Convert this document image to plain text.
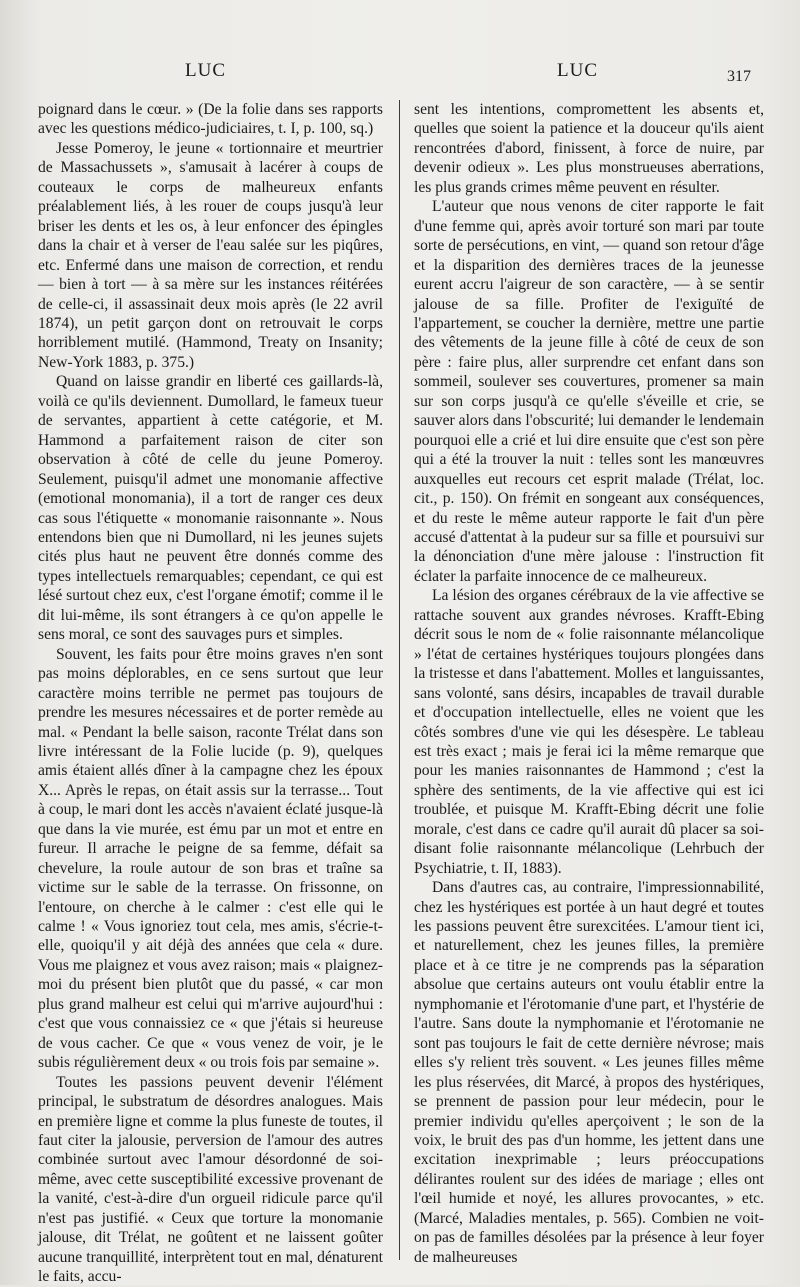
LUC	LUC	317

poignard dans le cœur. » (De la folie dans ses rapports avec les questions médico-judiciaires, t. I, p. 100, sq.)

Jesse Pomeroy, le jeune « tortionnaire et meurtrier de Massachussets », s'amusait à lacérer à coups de couteaux le corps de malheureux enfants préalablement liés, à les rouer de coups jusqu'à leur briser les dents et les os, à leur enfoncer des épingles dans la chair et à verser de l'eau salée sur les piqûres, etc. Enfermé dans une maison de correction, et rendu — bien à tort — à sa mère sur les instances réitérées de celle-ci, il assassinait deux mois après (le 22 avril 1874), un petit garçon dont on retrouvait le corps horriblement mutilé. (Hammond, Treaty on Insanity; New-York 1883, p. 375.)

Quand on laisse grandir en liberté ces gaillards-là, voilà ce qu'ils deviennent. Dumollard, le fameux tueur de servantes, appartient à cette catégorie, et M. Hammond a parfaitement raison de citer son observation à côté de celle du jeune Pomeroy. Seulement, puisqu'il admet une monomanie affective (emotional monomania), il a tort de ranger ces deux cas sous l'étiquette « monomanie raisonnante ». Nous entendons bien que ni Dumollard, ni les jeunes sujets cités plus haut ne peuvent être donnés comme des types intellectuels remarquables; cependant, ce qui est lésé surtout chez eux, c'est l'organe émotif; comme il le dit lui-même, ils sont étrangers à ce qu'on appelle le sens moral, ce sont des sauvages purs et simples.

Souvent, les faits pour être moins graves n'en sont pas moins déplorables, en ce sens surtout que leur caractère moins terrible ne permet pas toujours de prendre les mesures nécessaires et de porter remède au mal. « Pendant la belle saison, raconte Trélat dans son livre intéressant de la Folie lucide (p. 9), quelques amis étaient allés dîner à la campagne chez les époux X... Après le repas, on était assis sur la terrasse... Tout à coup, le mari dont les accès n'avaient éclaté jusque-là que dans la vie murée, est ému par un mot et entre en fureur. Il arrache le peigne de sa femme, défait sa chevelure, la roule autour de son bras et traîne sa victime sur le sable de la terrasse. On frissonne, on l'entoure, on cherche à le calmer : c'est elle qui le calme ! « Vous ignoriez tout cela, mes amis, s'écrie-t-elle, quoiqu'il y ait déjà des années que cela « dure. Vous me plaignez et vous avez raison; mais « plaignez-moi du présent bien plutôt que du passé, « car mon plus grand malheur est celui qui m'arrive aujourd'hui : c'est que vous connaissiez ce « que j'étais si heureuse de vous cacher. Ce que « vous venez de voir, je le subis régulièrement deux « ou trois fois par semaine ».

Toutes les passions peuvent devenir l'élément principal, le substratum de désordres analogues. Mais en première ligne et comme la plus funeste de toutes, il faut citer la jalousie, perversion de l'amour des autres combinée surtout avec l'amour désordonné de soi-même, avec cette susceptibilité excessive provenant de la vanité, c'est-à-dire d'un orgueil ridicule parce qu'il n'est pas justifié. « Ceux que torture la monomanie jalouse, dit Trélat, ne goûtent et ne laissent goûter aucune tranquillité, interprètent tout en mal, dénaturent le faits, accu-

sent les intentions, compromettent les absents et, quelles que soient la patience et la douceur qu'ils aient rencontrées d'abord, finissent, à force de nuire, par devenir odieux ». Les plus monstrueuses aberrations, les plus grands crimes même peuvent en résulter.

L'auteur que nous venons de citer rapporte le fait d'une femme qui, après avoir torturé son mari par toute sorte de persécutions, en vint, — quand son retour d'âge et la disparition des dernières traces de la jeunesse eurent accru l'aigreur de son caractère, — à se sentir jalouse de sa fille. Profiter de l'exiguïté de l'appartement, se coucher la dernière, mettre une partie des vêtements de la jeune fille à côté de ceux de son père : faire plus, aller surprendre cet enfant dans son sommeil, soulever ses couvertures, promener sa main sur son corps jusqu'à ce qu'elle s'éveille et crie, se sauver alors dans l'obscurité; lui demander le lendemain pourquoi elle a crié et lui dire ensuite que c'est son père qui a été la trouver la nuit : telles sont les manœuvres auxquelles eut recours cet esprit malade (Trélat, loc. cit., p. 150). On frémit en songeant aux conséquences, et du reste le même auteur rapporte le fait d'un père accusé d'attentat à la pudeur sur sa fille et poursuivi sur la dénonciation d'une mère jalouse : l'instruction fit éclater la parfaite innocence de ce malheureux.

La lésion des organes cérébraux de la vie affective se rattache souvent aux grandes névroses. Krafft-Ebing décrit sous le nom de « folie raisonnante mélancolique » l'état de certaines hystériques toujours plongées dans la tristesse et dans l'abattement. Molles et languissantes, sans volonté, sans désirs, incapables de travail durable et d'occupation intellectuelle, elles ne voient que les côtés sombres d'une vie qui les désespère. Le tableau est très exact ; mais je ferai ici la même remarque que pour les manies raisonnantes de Hammond ; c'est la sphère des sentiments, de la vie affective qui est ici troublée, et puisque M. Krafft-Ebing décrit une folie morale, c'est dans ce cadre qu'il aurait dû placer sa soi-disant folie raisonnante mélancolique (Lehrbuch der Psychiatrie, t. II, 1883).

Dans d'autres cas, au contraire, l'impressionnabilité, chez les hystériques est portée à un haut degré et toutes les passions peuvent être surexcitées. L'amour tient ici, et naturellement, chez les jeunes filles, la première place et à ce titre je ne comprends pas la séparation absolue que certains auteurs ont voulu établir entre la nymphomanie et l'érotomanie d'une part, et l'hystérie de l'autre. Sans doute la nymphomanie et l'érotomanie ne sont pas toujours le fait de cette dernière névrose; mais elles s'y relient très souvent. « Les jeunes filles même les plus réservées, dit Marcé, à propos des hystériques, se prennent de passion pour leur médecin, pour le premier individu qu'elles aperçoivent ; le son de la voix, le bruit des pas d'un homme, les jettent dans une excitation inexprimable ; leurs préoccupations délirantes roulent sur des idées de mariage ; elles ont l'œil humide et noyé, les allures provocantes, » etc. (Marcé, Maladies mentales, p. 565). Combien ne voit-on pas de familles désolées par la présence à leur foyer de malheureuses
